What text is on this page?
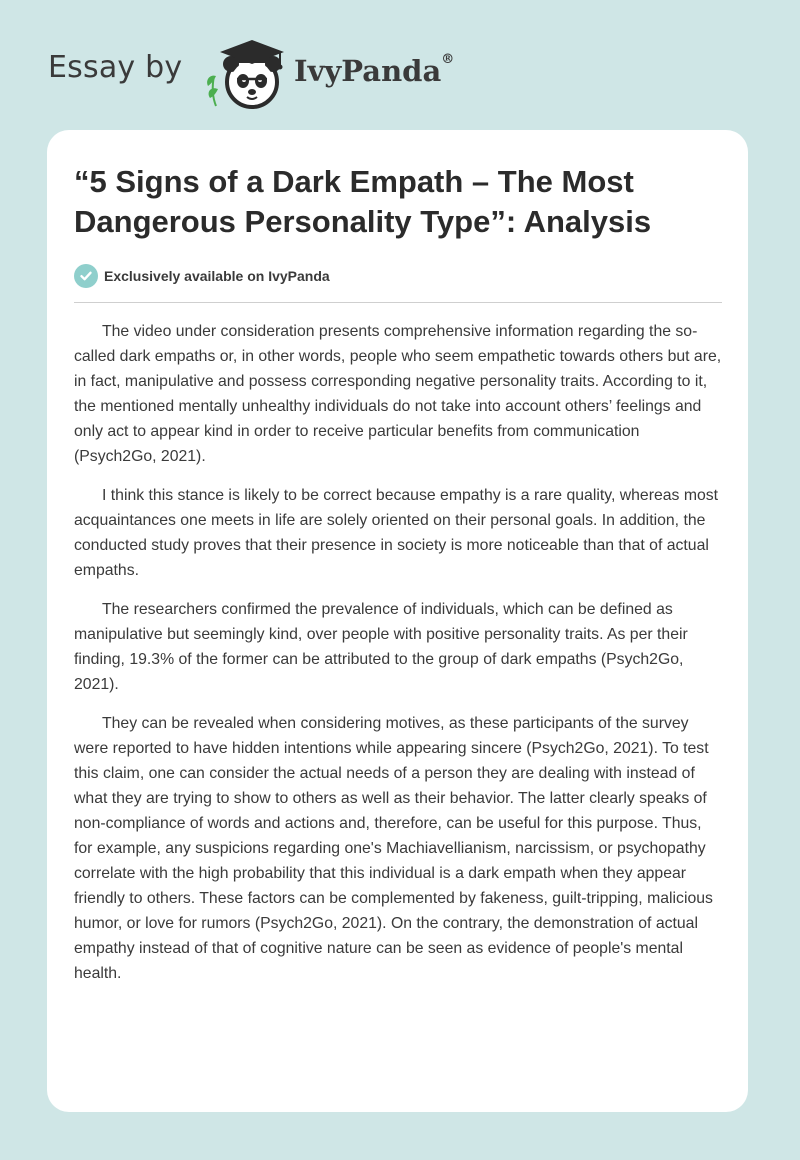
Essay by	IvyPanda®
“5 Signs of a Dark Empath – The Most Dangerous Personality Type”: Analysis
Exclusively available on IvyPanda

The video under consideration presents comprehensive information regarding the so-called dark empaths or, in other words, people who seem empathetic towards others but are, in fact, manipulative and possess corresponding negative personality traits. According to it, the mentioned mentally unhealthy individuals do not take into account others’ feelings and only act to appear kind in order to receive particular benefits from communication (Psych2Go, 2021).

I think this stance is likely to be correct because empathy is a rare quality, whereas most acquaintances one meets in life are solely oriented on their personal goals. In addition, the conducted study proves that their presence in society is more noticeable than that of actual empaths.

The researchers confirmed the prevalence of individuals, which can be defined as manipulative but seemingly kind, over people with positive personality traits. As per their finding, 19.3% of the former can be attributed to the group of dark empaths (Psych2Go, 2021).

They can be revealed when considering motives, as these participants of the survey were reported to have hidden intentions while appearing sincere (Psych2Go, 2021). To test this claim, one can consider the actual needs of a person they are dealing with instead of what they are trying to show to others as well as their behavior. The latter clearly speaks of non-compliance of words and actions and, therefore, can be useful for this purpose. Thus, for example, any suspicions regarding one's Machiavellianism, narcissism, or psychopathy correlate with the high probability that this individual is a dark empath when they appear friendly to others. These factors can be complemented by fakeness, guilt-tripping, malicious humor, or love for rumors (Psych2Go, 2021). On the contrary, the demonstration of actual empathy instead of that of cognitive nature can be seen as evidence of people's mental health.
